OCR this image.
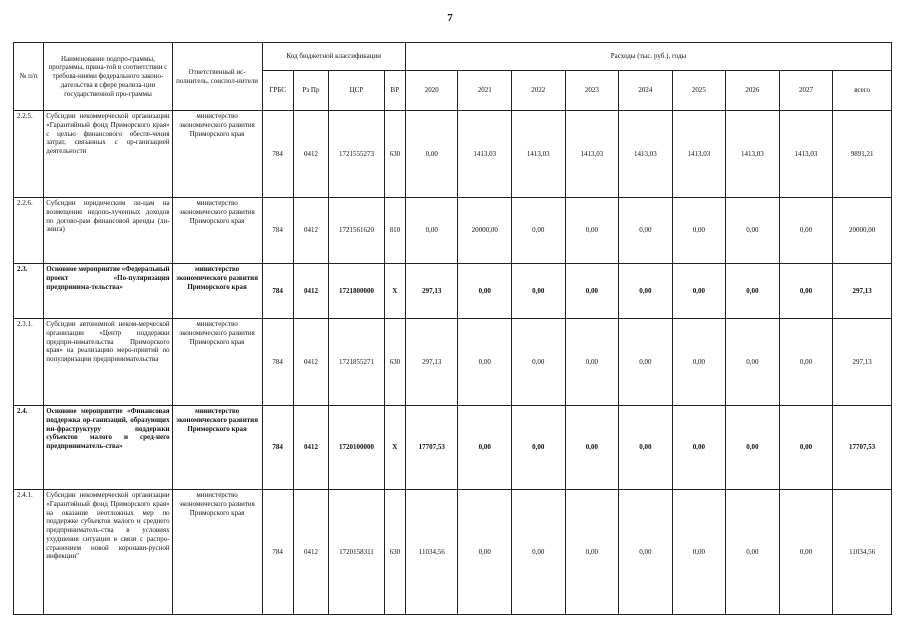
7
№ п/п	Наименование подпро-граммы, программы, прина-той в соответствии с требова-ниями федерального законо-дательства в сфере реализа-ции государственной про-граммы	Ответственный ис-полнитель, соиспол-нители	Код бюджетной классификации				Расходы (тыс. руб.), годы								
			ГРБС	Рз Пр	ЦСР	ВР	2020	2021	2022	2023	2024	2025	2026	2027	всего
2.2.5.	Субсидии некоммерческой организации «Гарантийный фонд Приморского края» с целью финансового обеспе-чения затрат, связанных с ор-ганизацией деятельности	министерство экономического развития Приморского края	784	0412	1721555273	630	0,00	1413,03	1413,03	1413,03	1413,03	1413,03	1413,03	1413,03	9891,21
2.2.6.	Субсидии юридическим ли-цам на возмещение недопо-лученных доходов по догово-рам финансовой аренды (ли-зинга)	министерство экономического развития Приморского края	784	0412	1721561620	810	0,00	20000,00	0,00	0,00	0,00	0,00	0,00	0,00	20000,00
2.3.	Основное мероприятие «Федеральный проект «По-пуляризация предпринима-тельства»	министерство экономического развития Приморского края	784	0412	1721800000	Х	297,13	0,00	0,00	0,00	0,00	0,00	0,00	0,00	297,13
2.3.1.	Субсидии автономной неком-мерческой организации «Центр поддержки предпри-нимательства Приморского края» на реализацию меро-приятий по популяризации предпринимательства	министерство экономического развития Приморского края	784	0412	1721855271	630	297,13	0,00	0,00	0,00	0,00	0,00	0,00	0,00	297,13
2.4.	Основное мероприятие «Финансовая поддержка ор-ганизаций, образующих ин-фраструктуру поддержки субъектов малого и сред-него предприниматель-ства»	министерство экономического развития Приморского края	784	0412	1720100000	Х	17707,53	0,00	0,00	0,00	0,00	0,00	0,00	0,00	17707,53
2.4.1.	Субсидии некоммерческой организации «Гарантийный фонд Приморского края» на оказание неотложных мер по поддержке субъектов малого и среднего предприниматель-ства в условиях ухудшения ситуации в связи с распро-странением новой коронави-русной инфекции"	министерство экономического развития Приморского края	784	0412	1720158311	630	11034,56	0,00	0,00	0,00	0,00	0,00	0,00	0,00	11034,56
